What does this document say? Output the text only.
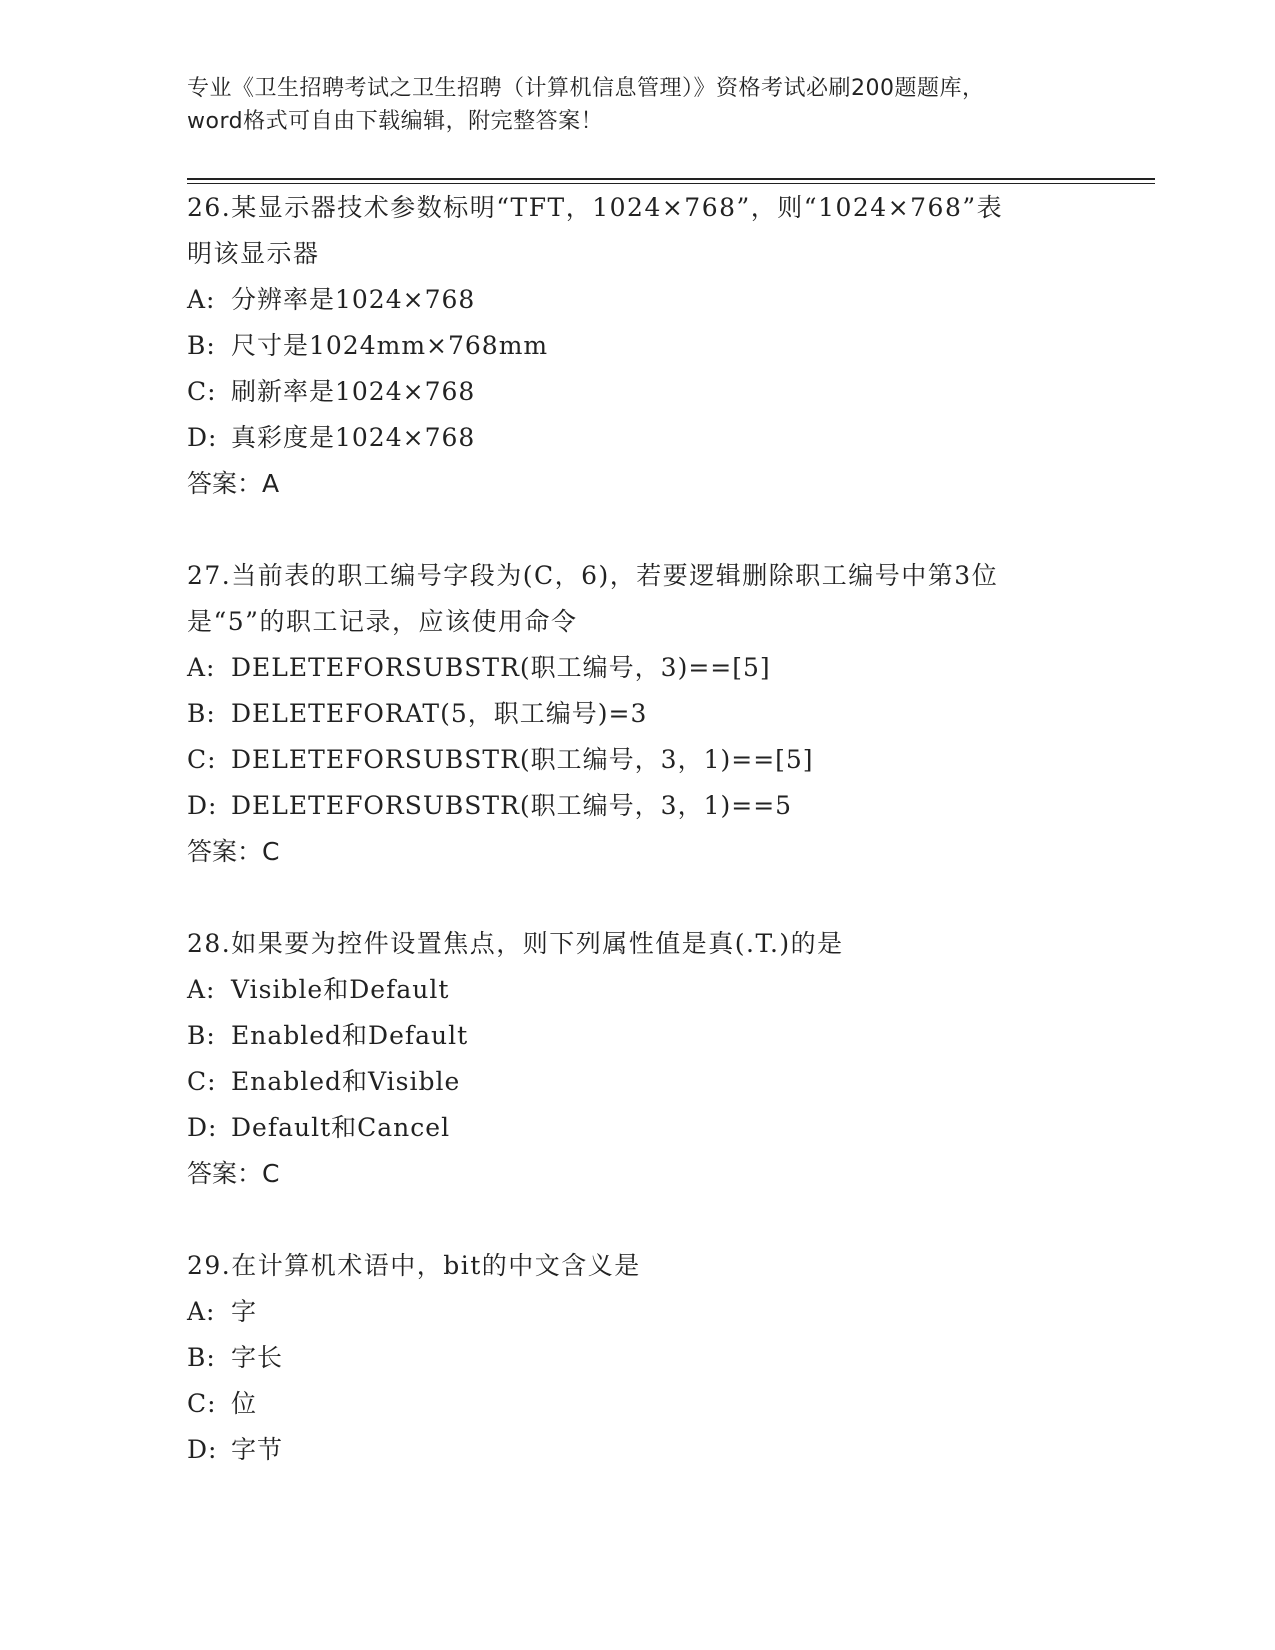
专业《卫生招聘考试之卫生招聘（计算机信息管理）》资格考试必刷200题题库，
word格式可自由下载编辑，附完整答案！
26.某显示器技术参数标明“TFT，1024×768”，则“1024×768”表
明该显示器
A: 分辨率是1024×768
B: 尺寸是1024mm×768mm
C: 刷新率是1024×768
D: 真彩度是1024×768
答案：A
27.当前表的职工编号字段为(C，6)，若要逻辑删除职工编号中第3位
是“5”的职工记录，应该使用命令
A: DELETEFORSUBSTR(职工编号，3)==[5]
B: DELETEFORAT(5，职工编号)=3
C: DELETEFORSUBSTR(职工编号，3，1)==[5]
D: DELETEFORSUBSTR(职工编号，3，1)==5
答案：C
28.如果要为控件设置焦点，则下列属性值是真(.T.)的是
A: Visible和Default
B: Enabled和Default
C: Enabled和Visible
D: Default和Cancel
答案：C
29.在计算机术语中，bit的中文含义是
A: 字
B: 字长
C: 位
D: 字节
